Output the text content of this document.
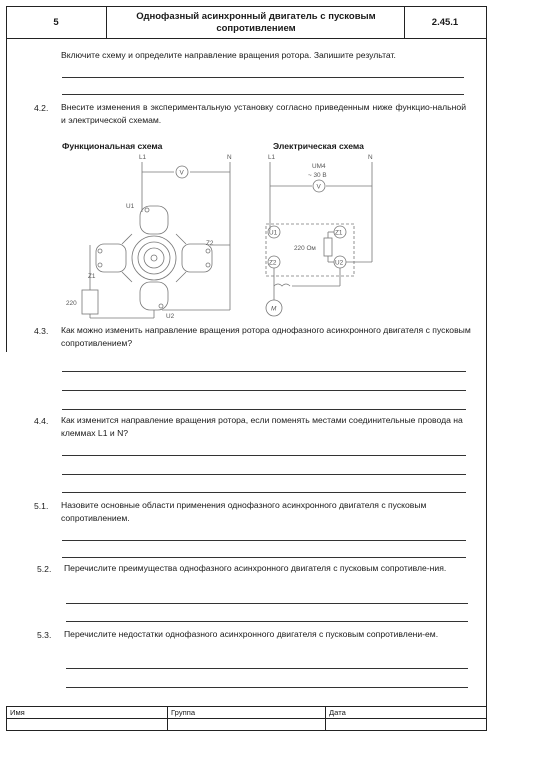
5
Однофазный асинхронный двигатель с пусковым сопротивлением
2.45.1
Включите схему и определите направление вращения ротора. Запишите результат.
4.2. Внесите изменения в экспериментальную установку согласно приведенным ниже функцио-нальной и электрической схемам.
Функциональная схема	Электрическая схема
L1	N
V
U1
Z1
Z2
U2
220
L1	N
UM4
~ 30 В
V
U1	Z1
Z2	U2
220 Ом
M
4.3. Как можно изменить направление вращения ротора однофазного асинхронного двигателя с пусковым сопротивлением?
4.4. Как изменится направление вращения ротора, если поменять местами соединительные провода на клеммах L1 и N?
5.1. Назовите основные области применения однофазного асинхронного двигателя с пусковым сопротивлением.
5.2. Перечислите преимущества однофазного асинхронного двигателя с пусковым сопротивле-ния.
5.3. Перечислите недостатки однофазного асинхронного двигателя с пусковым сопротивлени-ем.
Имя	Группа	Дата
